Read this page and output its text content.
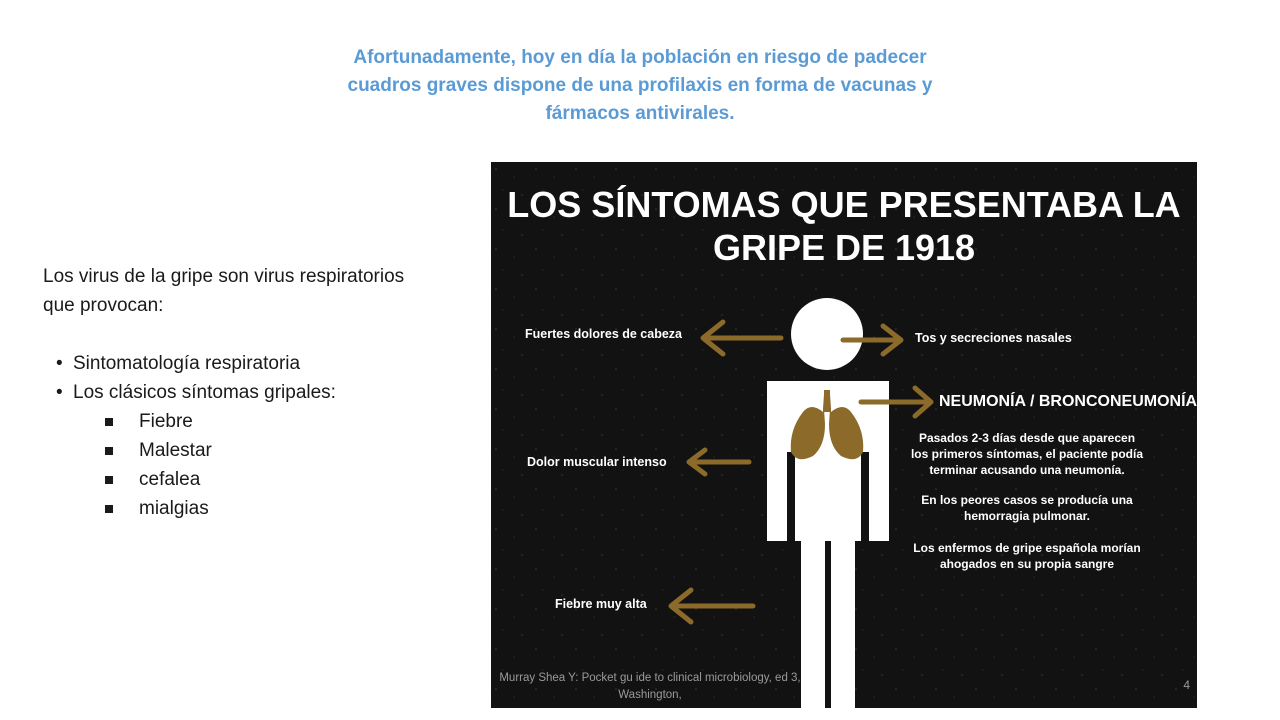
Afortunadamente, hoy en día la población en riesgo de padecer cuadros graves dispone de una profilaxis en forma de vacunas y fármacos antivirales.

Los virus de la gripe son virus respiratorios

que provocan:

• Sintomatología respiratoria
• Los clásicos síntomas gripales:
Fiebre
Malestar
cefalea
mialgias
LOS SÍNTOMAS QUE PRESENTABA LA
GRIPE DE 1918
Fuertes dolores de cabeza	Tos y secreciones nasales
NEUMONÍA / BRONCONEUMONÍA
Dolor muscular intenso
Fiebre muy alta
Pasados 2-3 días desde que aparecen
los primeros síntomas, el paciente podía
terminar acusando una neumonía.
En los peores casos se producía una
hemorragia pulmonar.
Los enfermos de gripe española morían
ahogados en su propia sangre
Murray Shea Y: Pocket gu ide to clinical microbiology, ed 3,
Washington,
4
